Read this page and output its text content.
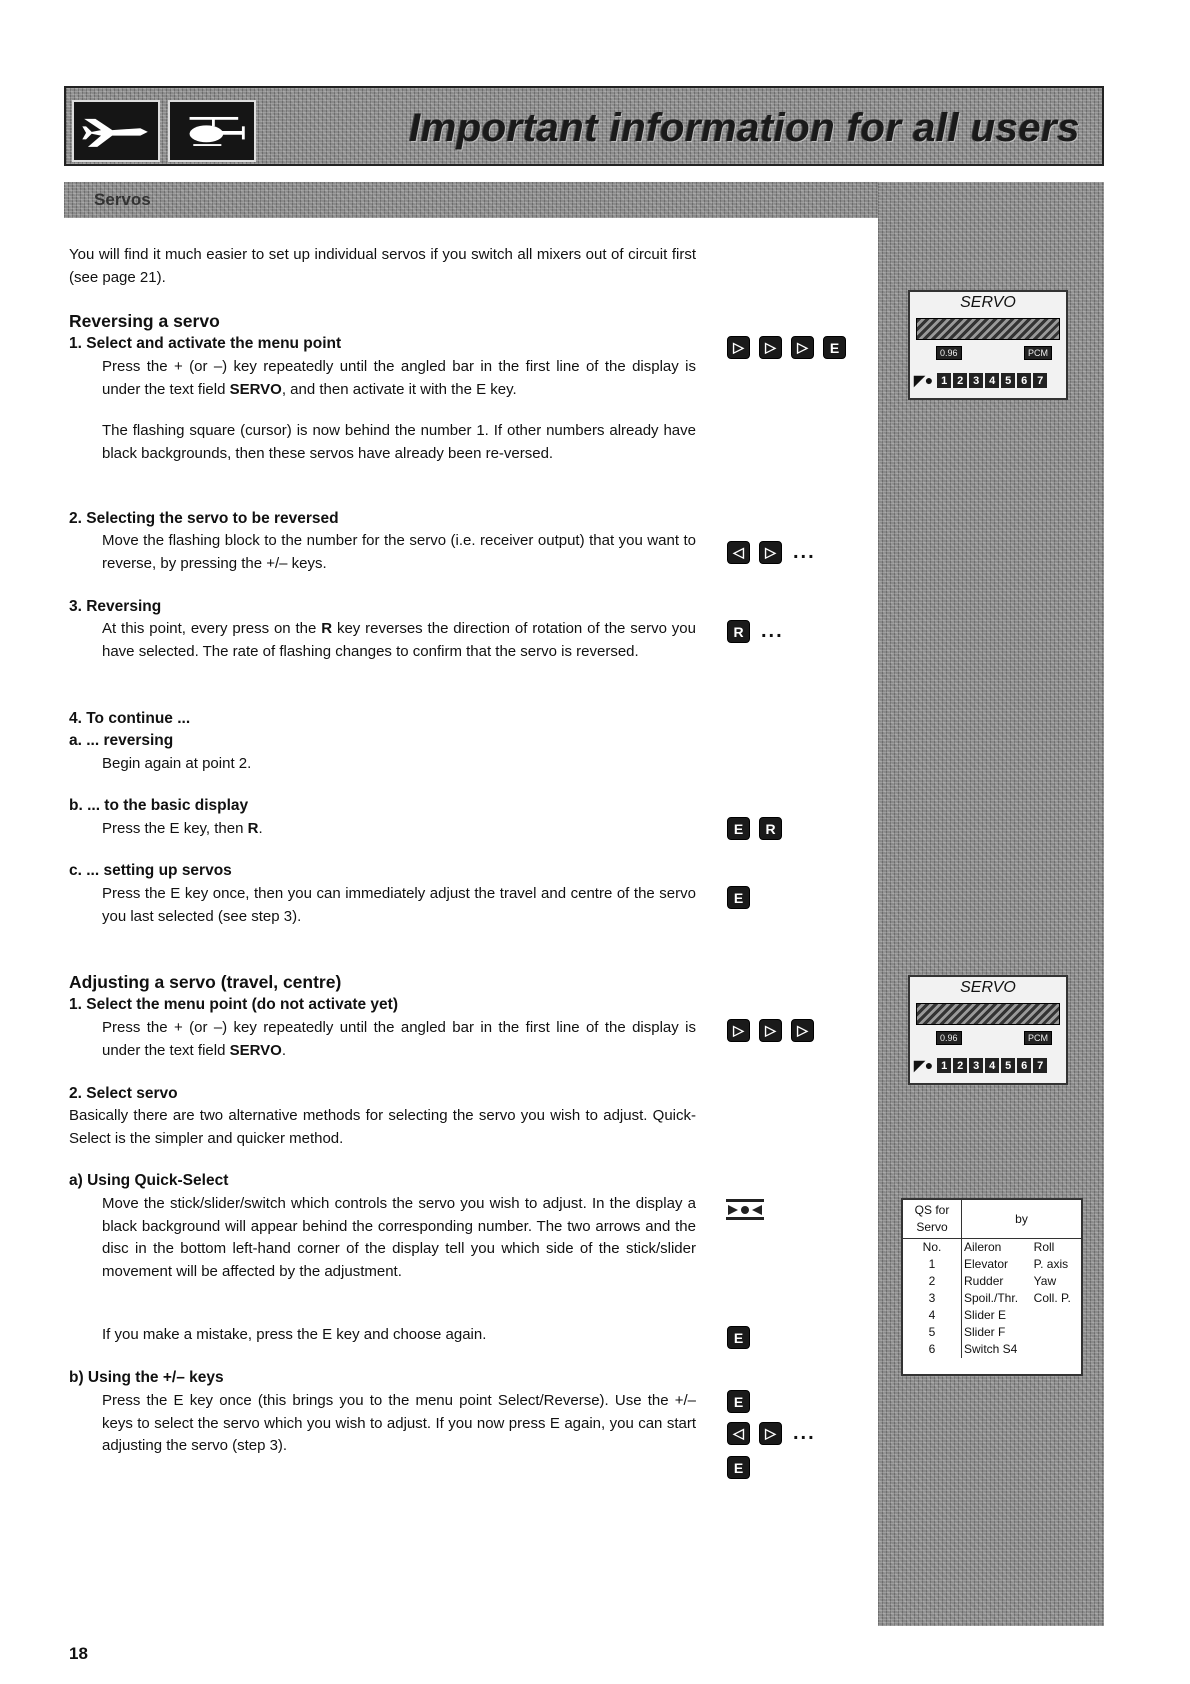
Important information for all users
Servos

You will find it much easier to set up individual servos if you switch all mixers out of circuit first (see page 21).

Reversing a servo
1. Select and activate the menu point

Press the + (or –) key repeatedly until the angled bar in the first line of the display is under the text field SERVO, and then activate it with the E key.

▷	▷	▷	E

The flashing square (cursor) is now behind the number 1. If other numbers already have black backgrounds, then these servos have already been re-versed.

2. Selecting the servo to be reversed

Move the flashing block to the number for the servo (i.e. receiver output) that you want to reverse, by pressing the +/– keys.

◁	▷ ...
3. Reversing

At this point, every press on the R key reverses the direction of rotation of the servo you have selected. The rate of flashing changes to confirm that the servo is reversed.

R ...
4. To continue ...
a. ... reversing

Begin again at point 2.

b. ... to the basic display

Press the E key, then R.	E	R
c. ... setting up servos

Press the E key once, then you can immediately adjust the travel and centre of the servo you last selected (see step 3).

E
Adjusting a servo (travel, centre)
1. Select the menu point (do not activate yet)

Press the + (or –) key repeatedly until the angled bar in the first line of the display is under the text field SERVO.

▷	▷	▷
2. Select servo

Basically there are two alternative methods for selecting the servo you wish to adjust. Quick-Select is the simpler and quicker method.

a) Using Quick-Select

Move the stick/slider/switch which controls the servo you wish to adjust. In the display a black background will appear behind the corresponding number. The two arrows and the disc in the bottom left-hand corner of the display tell you which side of the stick/slider movement will be affected by the adjustment.

If you make a mistake, press the E key and choose again.	E
b) Using the +/– keys

Press the E key once (this brings you to the menu point Select/Reverse). Use the +/– keys to select the servo which you wish to adjust. If you now press E again, you can start adjusting the servo (step 3).

E
◁	▷ ...
E
SERVO
0.96	PCM
◤● 1 2 3 4 5 6 7
SERVO
0.96	PCM
◤● 1 2 3 4 5 6 7
QS for Servo	by	
No.	Aileron	Roll
1	Elevator	P. axis
2	Rudder	Yaw
3	Spoil./Thr.	Coll. P.
4	Slider E	
5	Slider F	
6	Switch S4	
18
